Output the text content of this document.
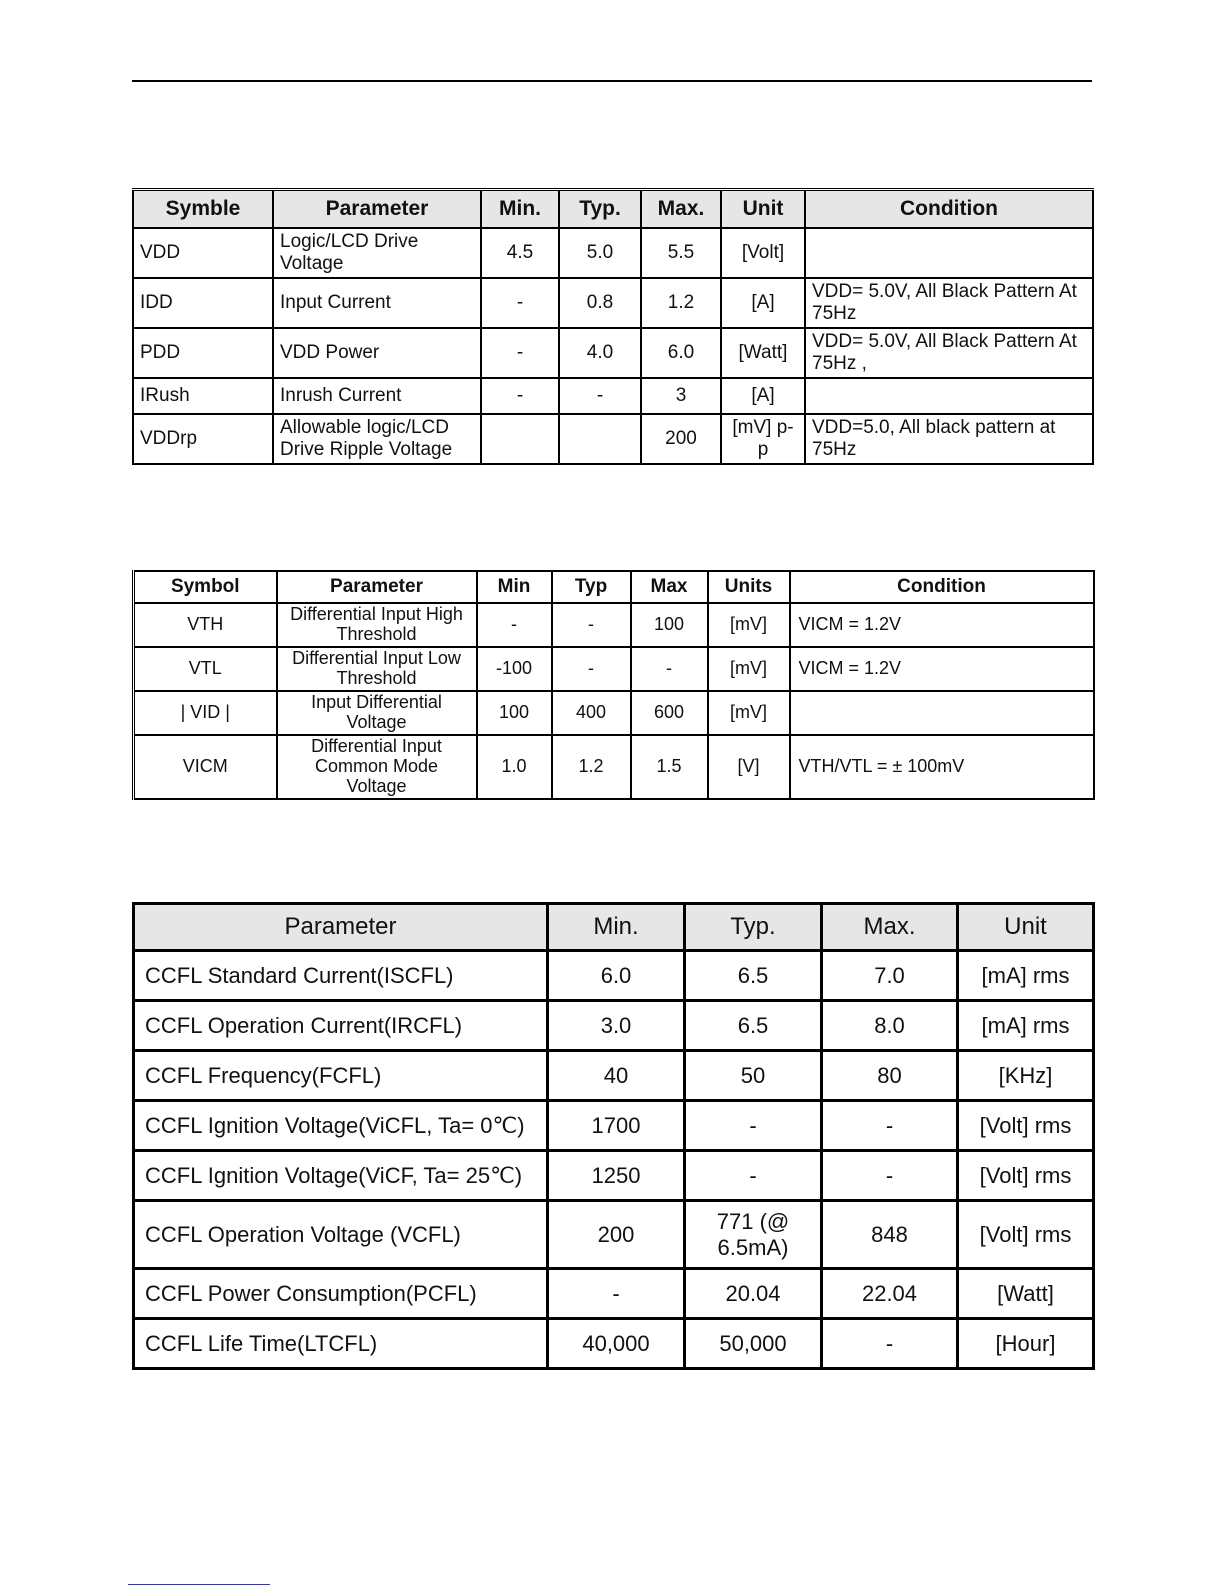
Symble	Parameter	Min.	Typ.	Max.	Unit	Condition
VDD	Logic/LCD Drive Voltage	4.5	5.0	5.5	[Volt]	
IDD	Input Current	-	0.8	1.2	[A]	VDD= 5.0V, All Black Pattern At 75Hz
PDD	VDD Power	-	4.0	6.0	[Watt]	VDD= 5.0V, All Black Pattern At 75Hz ,
IRush	Inrush Current	-	-	3	[A]	
VDDrp	Allowable logic/LCD Drive Ripple Voltage			200	[mV] p-p	VDD=5.0, All black pattern at 75Hz
Symbol	Parameter	Min	Typ	Max	Units	Condition
VTH	Differential Input High Threshold	-	-	100	[mV]	VICM = 1.2V
VTL	Differential Input Low Threshold	-100	-	-	[mV]	VICM = 1.2V
| VID |	Input Differential Voltage	100	400	600	[mV]	
VICM	Differential Input Common Mode Voltage	1.0	1.2	1.5	[V]	VTH/VTL = ± 100mV
Parameter	Min.	Typ.	Max.	Unit
CCFL Standard Current(ISCFL)	6.0	6.5	7.0	[mA] rms
CCFL Operation Current(IRCFL)	3.0	6.5	8.0	[mA] rms
CCFL Frequency(FCFL)	40	50	80	[KHz]
CCFL Ignition Voltage(ViCFL, Ta= 0℃)	1700	-	-	[Volt] rms
CCFL Ignition Voltage(ViCF, Ta= 25℃)	1250	-	-	[Volt] rms
CCFL Operation Voltage (VCFL)	200	771 (@ 6.5mA)	848	[Volt] rms
CCFL Power Consumption(PCFL)	-	20.04	22.04	[Watt]
CCFL Life Time(LTCFL)	40,000	50,000	-	[Hour]
